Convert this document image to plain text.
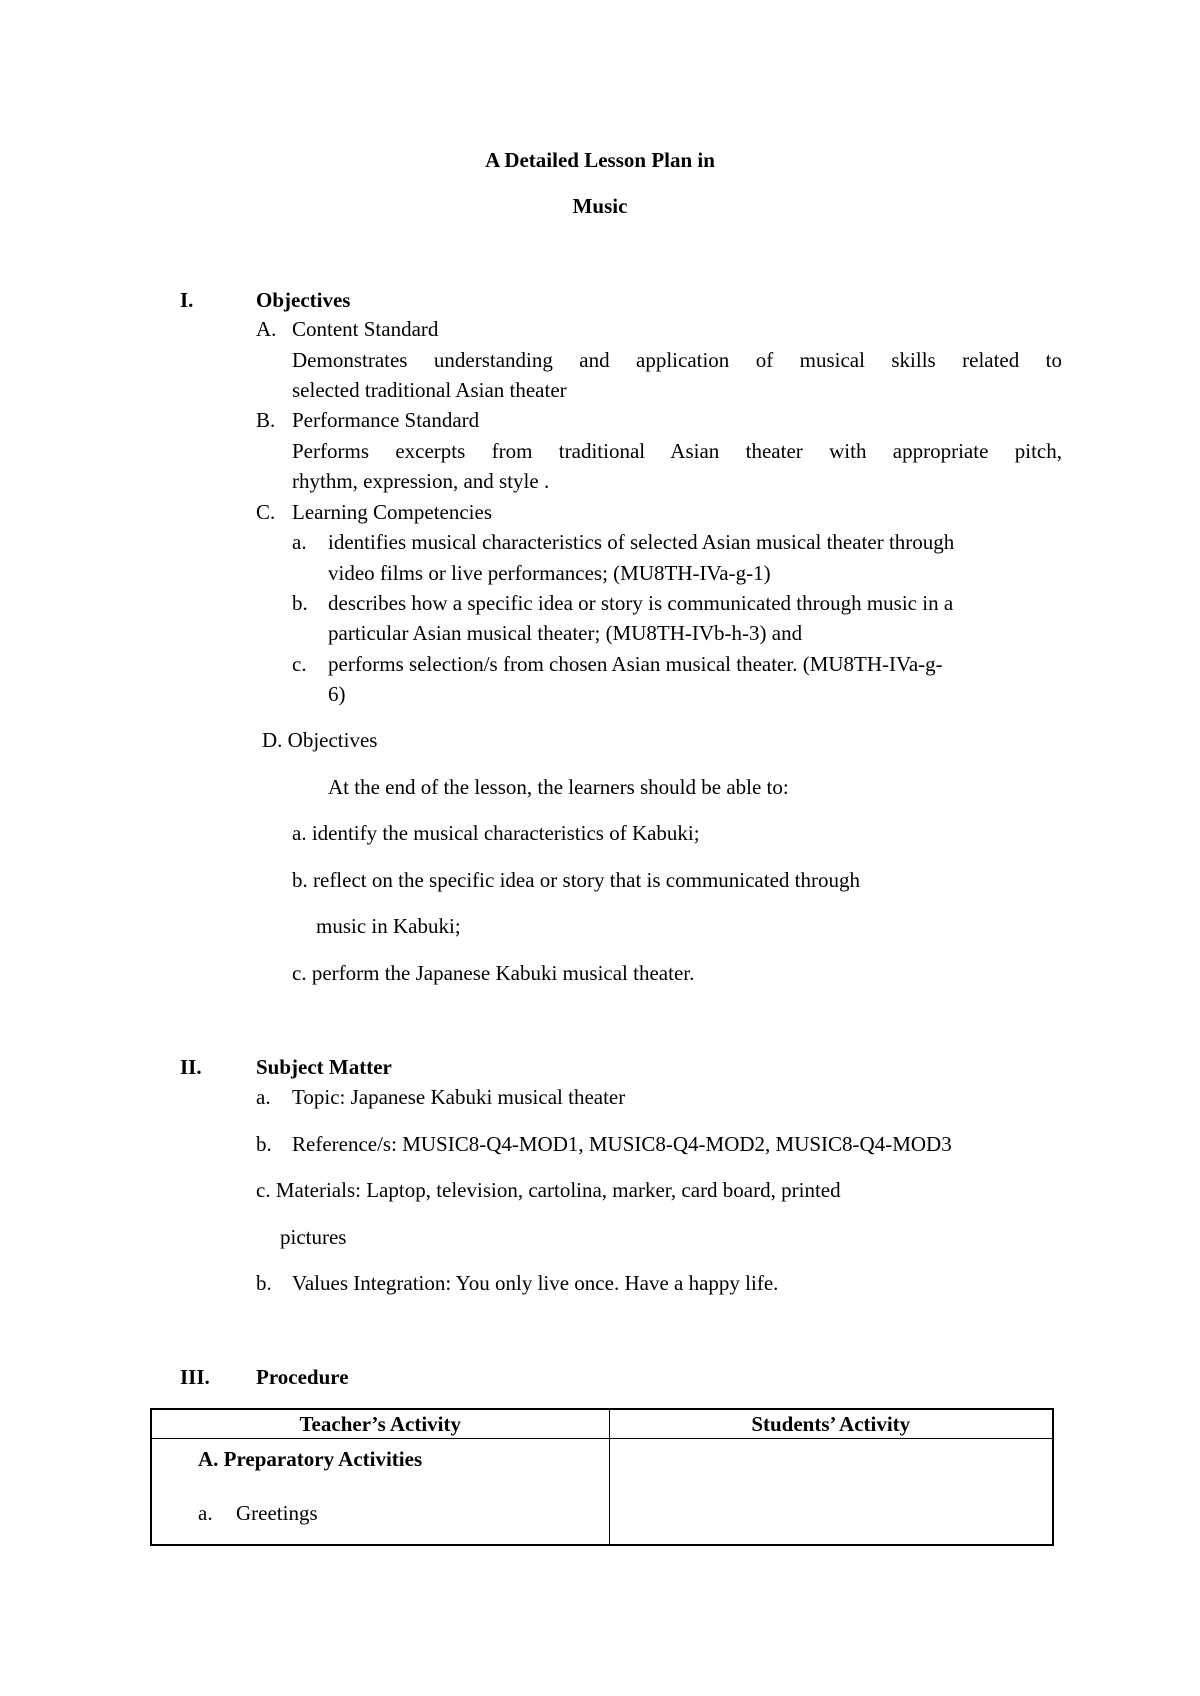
A Detailed Lesson Plan in
Music
I.	Objectives
A. Content Standard
Demonstrates understanding and application of musical skills related to
selected traditional Asian theater
B. Performance Standard
Performs excerpts from traditional Asian theater with appropriate pitch,
rhythm, expression, and style .
C. Learning Competencies
a. identifies musical characteristics of selected Asian musical theater through
video films or live performances; (MU8TH-IVa-g-1)
b. describes how a specific idea or story is communicated through music in a
particular Asian musical theater; (MU8TH-IVb-h-3) and
c. performs selection/s from chosen Asian musical theater. (MU8TH-IVa-g-
6)
D. Objectives
At the end of the lesson, the learners should be able to:
a. identify the musical characteristics of Kabuki;
b. reflect on the specific idea or story that is communicated through
music in Kabuki;
c. perform the Japanese Kabuki musical theater.
II.	Subject Matter
a. Topic: Japanese Kabuki musical theater
b. Reference/s: MUSIC8-Q4-MOD1, MUSIC8-Q4-MOD2, MUSIC8-Q4-MOD3
c. Materials: Laptop, television, cartolina, marker, card board, printed
pictures
b. Values Integration: You only live once. Have a happy life.
III. Procedure
Teacher’s Activity	Students’ Activity

A. Preparatory Activities
a. Greetings	
